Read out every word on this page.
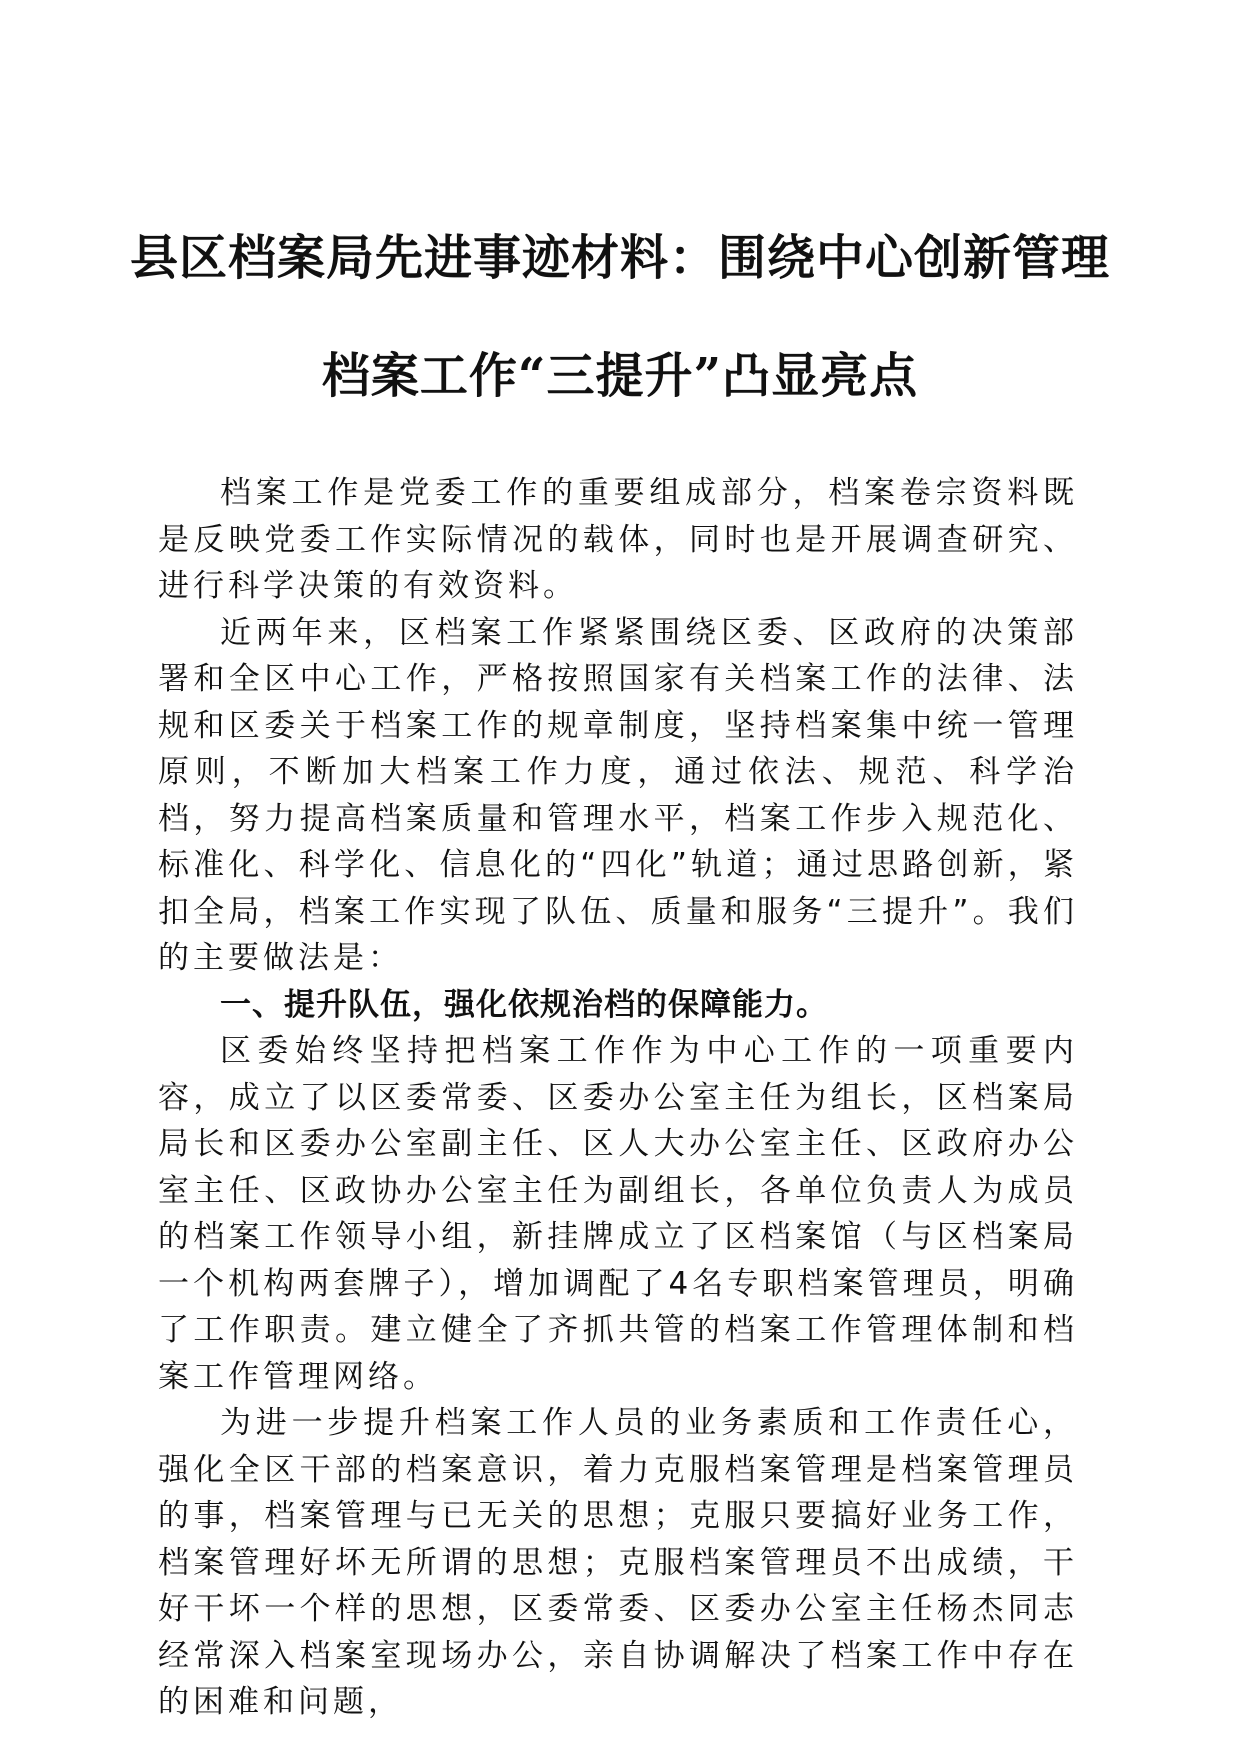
县区档案局先进事迹材料：围绕中心创新管理
档案工作“三提升”凸显亮点

档案工作是党委工作的重要组成部分，档案卷宗资料既是反映党委工作实际情况的载体，同时也是开展调查研究、进行科学决策的有效资料。

近两年来，区档案工作紧紧围绕区委、区政府的决策部署和全区中心工作，严格按照国家有关档案工作的法律、法规和区委关于档案工作的规章制度，坚持档案集中统一管理原则，不断加大档案工作力度，通过依法、规范、科学治档，努力提高档案质量和管理水平，档案工作步入规范化、标准化、科学化、信息化的“四化”轨道；通过思路创新，紧扣全局，档案工作实现了队伍、质量和服务“三提升”。我们的主要做法是：

一、提升队伍，强化依规治档的保障能力。

区委始终坚持把档案工作作为中心工作的一项重要内容，成立了以区委常委、区委办公室主任为组长，区档案局局长和区委办公室副主任、区人大办公室主任、区政府办公室主任、区政协办公室主任为副组长，各单位负责人为成员的档案工作领导小组，新挂牌成立了区档案馆（与区档案局一个机构两套牌子），增加调配了4名专职档案管理员，明确了工作职责。建立健全了齐抓共管的档案工作管理体制和档案工作管理网络。

为进一步提升档案工作人员的业务素质和工作责任心，强化全区干部的档案意识，着力克服档案管理是档案管理员的事，档案管理与已无关的思想；克服只要搞好业务工作，档案管理好坏无所谓的思想；克服档案管理员不出成绩，干好干坏一个样的思想，区委常委、区委办公室主任杨杰同志经常深入档案室现场办公，亲自协调解决了档案工作中存在的困难和问题，
